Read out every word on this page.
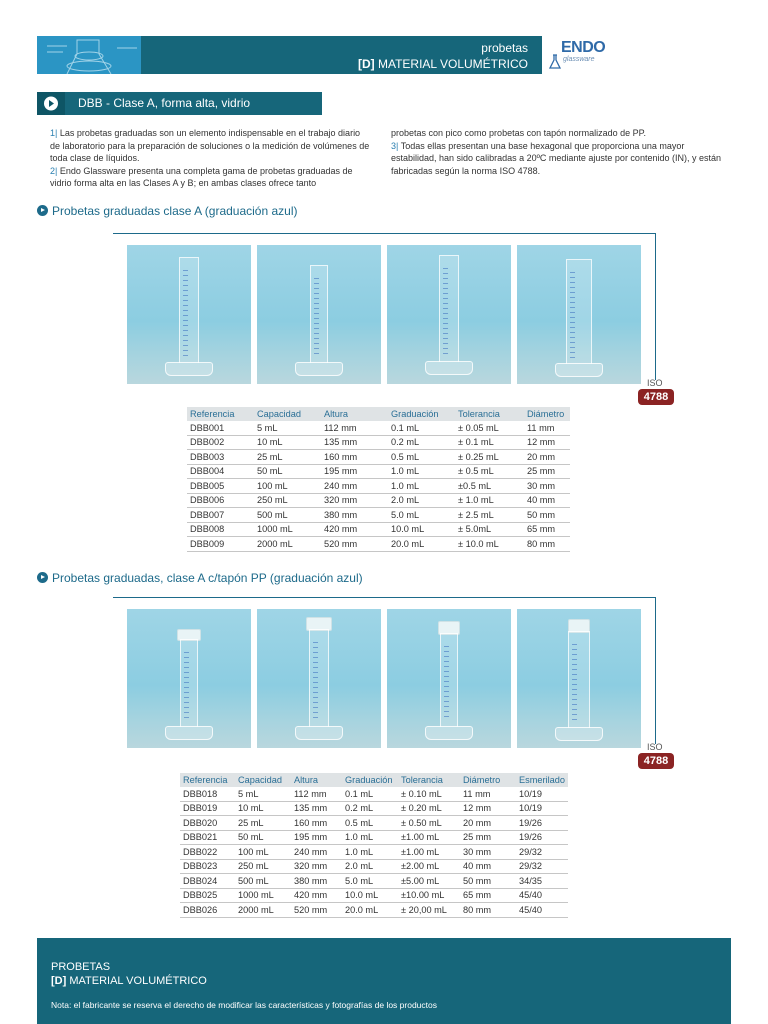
probetas
[D] MATERIAL VOLUMÉTRICO
ENDO
glassware
DBB - Clase A, forma alta, vidrio
1| Las probetas graduadas son un elemento indispensable en el trabajo diario de laboratorio para la preparación de soluciones o la medición de volúmenes de toda clase de líquidos.
2| Endo Glassware presenta una completa gama de probetas graduadas de vidrio forma alta en las Clases A y B; en ambas clases ofrece tanto
probetas con pico como probetas con tapón normalizado de PP.
3| Todas ellas presentan una base hexagonal que proporciona una mayor estabilidad, han sido calibradas a 20ºC mediante ajuste por contenido (IN), y están fabricadas según la norma ISO 4788.
Probetas graduadas clase A (graduación azul)
ISO
4788
Referencia	Capacidad	Altura	Graduación	Tolerancia	Diámetro
DBB001	5 mL	112 mm	0.1 mL	± 0.05 mL	11 mm
DBB002	10 mL	135 mm	0.2 mL	± 0.1 mL	12 mm
DBB003	25 mL	160 mm	0.5 mL	± 0.25 mL	20 mm
DBB004	50 mL	195 mm	1.0 mL	± 0.5 mL	25 mm
DBB005	100 mL	240 mm	1.0 mL	±0.5 mL	30 mm
DBB006	250 mL	320 mm	2.0 mL	± 1.0 mL	40 mm
DBB007	500 mL	380 mm	5.0 mL	± 2.5 mL	50 mm
DBB008	1000 mL	420 mm	10.0 mL	± 5.0mL	65 mm
DBB009	2000 mL	520 mm	20.0 mL	± 10.0 mL	80 mm
Probetas graduadas, clase A c/tapón PP (graduación azul)
ISO
4788
Referencia	Capacidad	Altura	Graduación	Tolerancia	Diámetro	Esmerilado
DBB018	5 mL	112 mm	0.1 mL	± 0.10 mL	11 mm	10/19
DBB019	10 mL	135 mm	0.2 mL	± 0.20 mL	12 mm	10/19
DBB020	25 mL	160 mm	0.5 mL	± 0.50 mL	20 mm	19/26
DBB021	50 mL	195 mm	1.0 mL	±1.00 mL	25 mm	19/26
DBB022	100 mL	240 mm	1.0 mL	±1.00 mL	30 mm	29/32
DBB023	250 mL	320 mm	2.0 mL	±2.00 mL	40 mm	29/32
DBB024	500 mL	380 mm	5.0 mL	±5.00 mL	50 mm	34/35
DBB025	1000 mL	420 mm	10.0 mL	±10.00 mL	65 mm	45/40
DBB026	2000 mL	520 mm	20.0 mL	± 20,00 mL	80 mm	45/40
PROBETAS
[D] MATERIAL VOLUMÉTRICO
Nota: el fabricante se reserva el derecho de modificar las características y fotografías de los productos
